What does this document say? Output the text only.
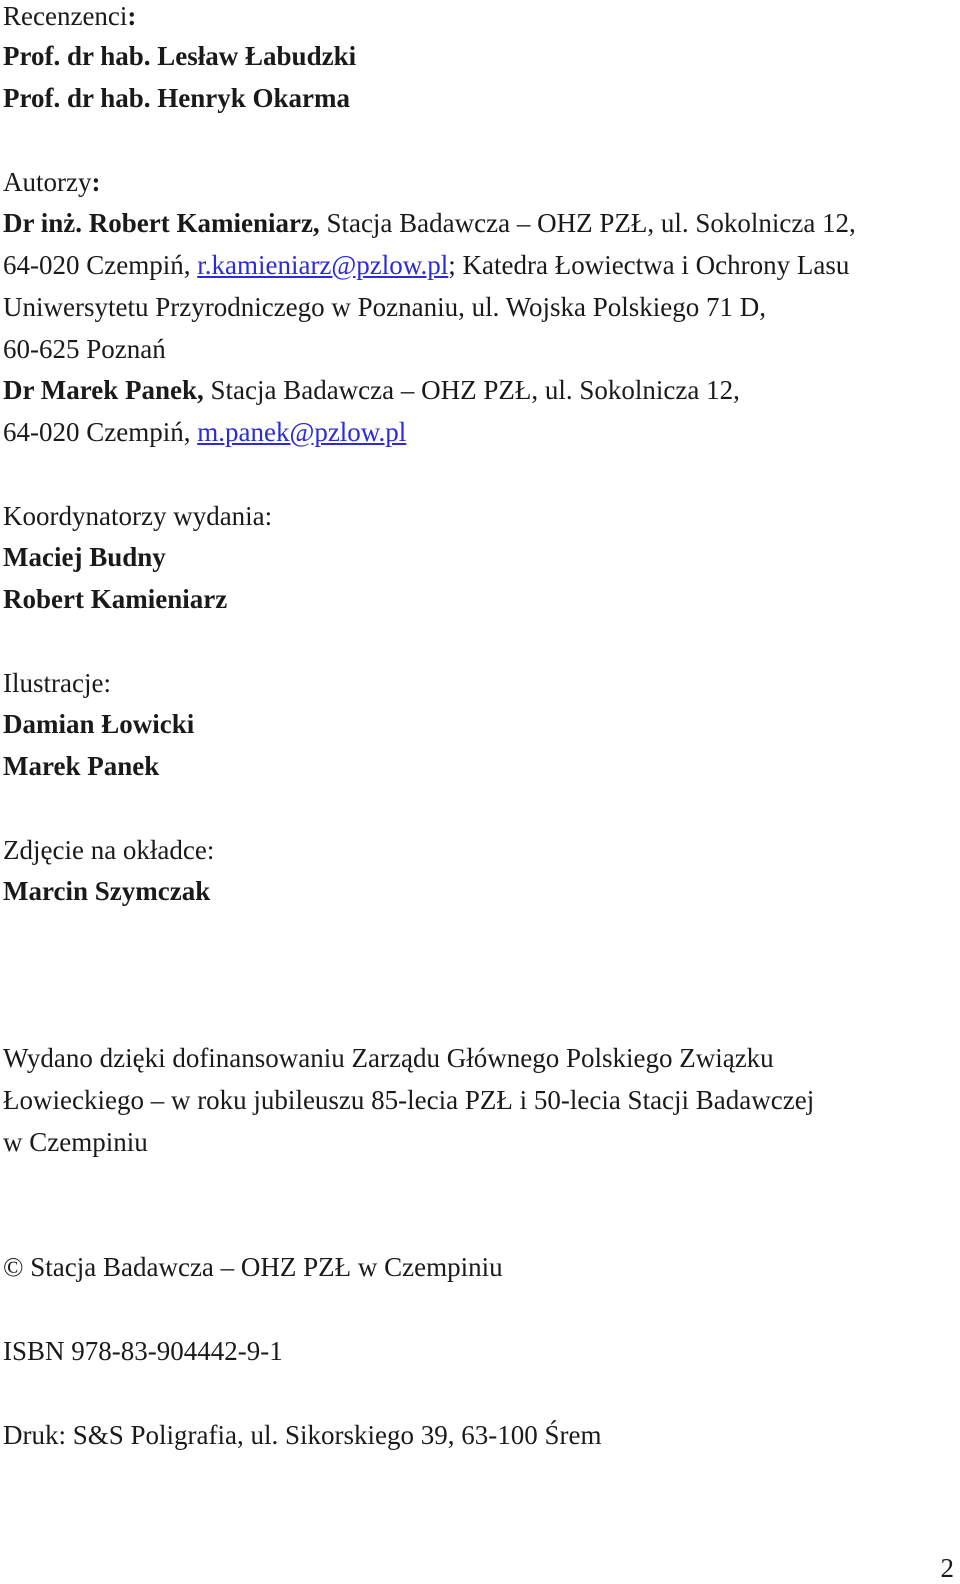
Recenzenci:
Prof. dr hab. Lesław Łabudzki
Prof. dr hab. Henryk Okarma
Autorzy:
Dr inż. Robert Kamieniarz, Stacja Badawcza – OHZ PZŁ, ul. Sokolnicza 12,
64-020 Czempiń, r.kamieniarz@pzlow.pl; Katedra Łowiectwa i Ochrony Lasu
Uniwersytetu Przyrodniczego w Poznaniu, ul. Wojska Polskiego 71 D,
60-625 Poznań
Dr Marek Panek, Stacja Badawcza – OHZ PZŁ, ul. Sokolnicza 12,
64-020 Czempiń, m.panek@pzlow.pl
Koordynatorzy wydania:
Maciej Budny
Robert Kamieniarz
Ilustracje:
Damian Łowicki
Marek Panek
Zdjęcie na okładce:
Marcin Szymczak
Wydano dzięki dofinansowaniu Zarządu Głównego Polskiego Związku
Łowieckiego – w roku jubileuszu 85-lecia PZŁ i 50-lecia Stacji Badawczej
w Czempiniu
© Stacja Badawcza – OHZ PZŁ w Czempiniu
ISBN 978-83-904442-9-1
Druk: S&S Poligrafia, ul. Sikorskiego 39, 63-100 Śrem
2
